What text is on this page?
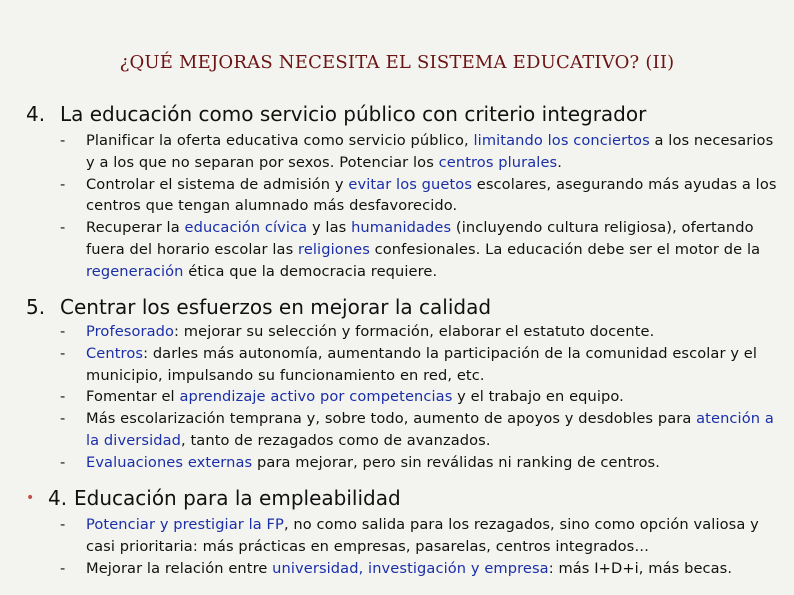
¿QUÉ MEJORAS NECESITA EL SISTEMA EDUCATIVO? (II)
4. La educación como servicio público con criterio integrador
- Planificar la oferta educativa como servicio público, limitando los conciertos a los necesarios y a los que no separan por sexos. Potenciar los centros plurales.
- Controlar el sistema de admisión y evitar los guetos escolares, asegurando más ayudas a los centros que tengan alumnado más desfavorecido.
- Recuperar la educación cívica y las humanidades (incluyendo cultura religiosa), ofertando fuera del horario escolar las religiones confesionales. La educación debe ser el motor de la regeneración ética que la democracia requiere.
5. Centrar los esfuerzos en mejorar la calidad
- Profesorado: mejorar su selección y formación, elaborar el estatuto docente.
- Centros: darles más autonomía, aumentando la participación de la comunidad escolar y el municipio, impulsando su funcionamiento en red, etc.
- Fomentar el aprendizaje activo por competencias y el trabajo en equipo.
- Más escolarización temprana y, sobre todo, aumento de apoyos y desdobles para atención a la diversidad, tanto de rezagados como de avanzados.
- Evaluaciones externas para mejorar, pero sin reválidas ni ranking de centros.
• 4. Educación para la empleabilidad
- Potenciar y prestigiar la FP, no como salida para los rezagados, sino como opción valiosa y casi prioritaria: más prácticas en empresas, pasarelas, centros integrados…
- Mejorar la relación entre universidad, investigación y empresa: más I+D+i, más becas.
